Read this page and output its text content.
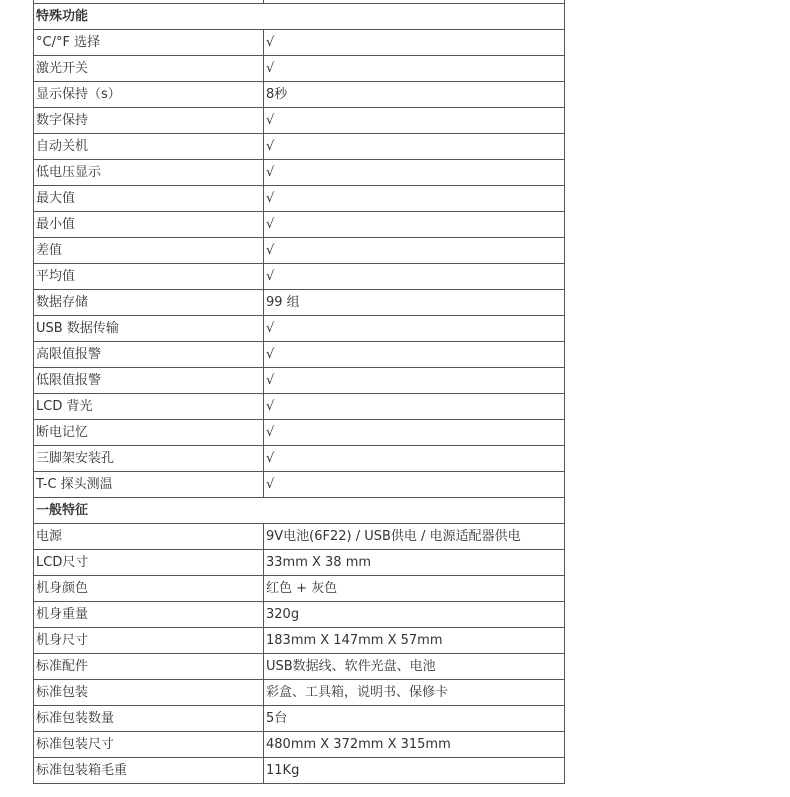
特殊功能	
°C/°F 选择	√
激光开关	√
显示保持（s）	8秒
数字保持	√
自动关机	√
低电压显示	√
最大值	√
最小值	√
差值	√
平均值	√
数据存储	99 组
USB 数据传输	√
高限值报警	√
低限值报警	√
LCD 背光	√
断电记忆	√
三脚架安装孔	√
T-C 探头测温	√
一般特征	
电源	9V电池(6F22) / USB供电 / 电源适配器供电
LCD尺寸	33mm X 38 mm
机身颜色	红色 + 灰色
机身重量	320g
机身尺寸	183mm X 147mm X 57mm
标准配件	USB数据线、软件光盘、电池
标准包装	彩盒、工具箱，说明书、保修卡
标准包装数量	5台
标准包装尺寸	480mm X 372mm X 315mm
标准包装箱毛重	11Kg
